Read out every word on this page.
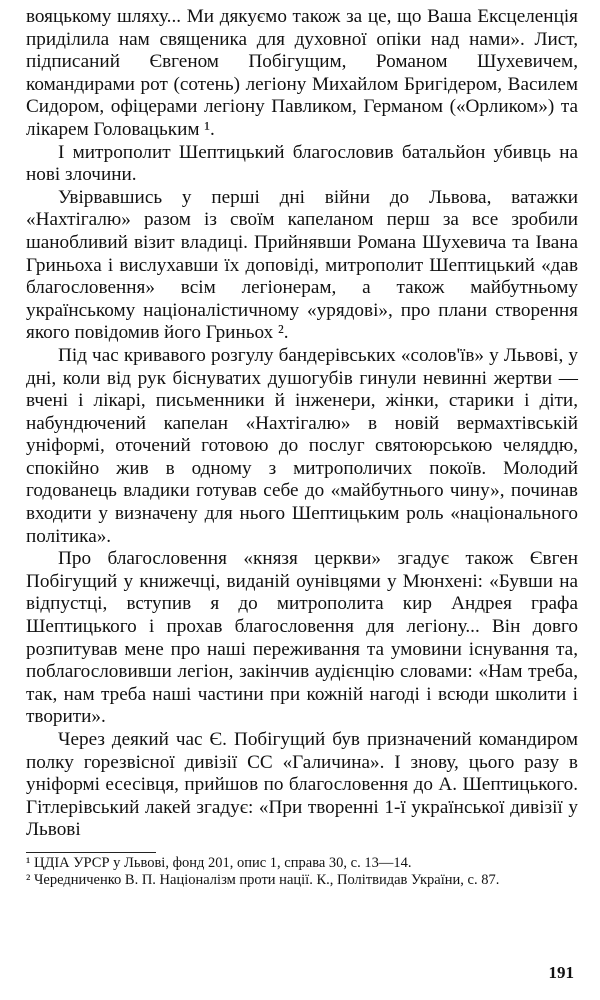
вояцькому шляху... Ми дякуємо також за це, що Ваша Ексцеленція приділила нам священика для духовної опіки над нами». Лист, підписаний Євгеном Побігущим, Романом Шухевичем, командирами рот (сотень) легіону Михайлом Бригідером, Василем Сидором, офіцерами легіону Павликом, Германом («Орликом») та лікарем Головацьким ¹.

І митрополит Шептицький благословив батальйон убивць на нові злочини.

Увірвавшись у перші дні війни до Львова, ватажки «Нахтігалю» разом із своїм капеланом перш за все зробили шанобливий візит владиці. Прийнявши Романа Шухевича та Івана Гриньоха і вислухавши їх доповіді, митрополит Шептицький «дав благословення» всім легіонерам, а також майбутньому українському націоналістичному «урядові», про плани створення якого повідомив його Гриньох ².

Під час кривавого розгулу бандерівських «солов'їв» у Львові, у дні, коли від рук біснуватих душогубів гинули невинні жертви — вчені і лікарі, письменники й інженери, жінки, старики і діти, набундючений капелан «Нахтігалю» в новій вермахтівській уніформі, оточений готовою до послуг святоюрською челяддю, спокійно жив в одному з митрополичих покоїв. Молодий годованець владики готував себе до «майбутнього чину», починав входити у визначену для нього Шептицьким роль «національного політика».

Про благословення «князя церкви» згадує також Євген Побігущий у книжечці, виданій оунівцями у Мюнхені: «Бувши на відпустці, вступив я до митрополита кир Андрея графа Шептицького і прохав благословення для легіону... Він довго розпитував мене про наші переживання та умовини існування та, поблагословивши легіон, закінчив аудієнцію словами: «Нам треба, так, нам треба наші частини при кожній нагоді і всюди школити і творити».

Через деякий час Є. Побігущий був призначений командиром полку горезвісної дивізії СС «Галичина». І знову, цього разу в уніформі есесівця, прийшов по благословення до А. Шептицького. Гітлерівський лакей згадує: «При творенні 1-ї української дивізії у Львові

¹ ЦДІА УРСР у Львові, фонд 201, опис 1, справа 30, с. 13—14.

² Чередниченко В. П. Націоналізм проти нації. К., Політвидав України, с. 87.

191
